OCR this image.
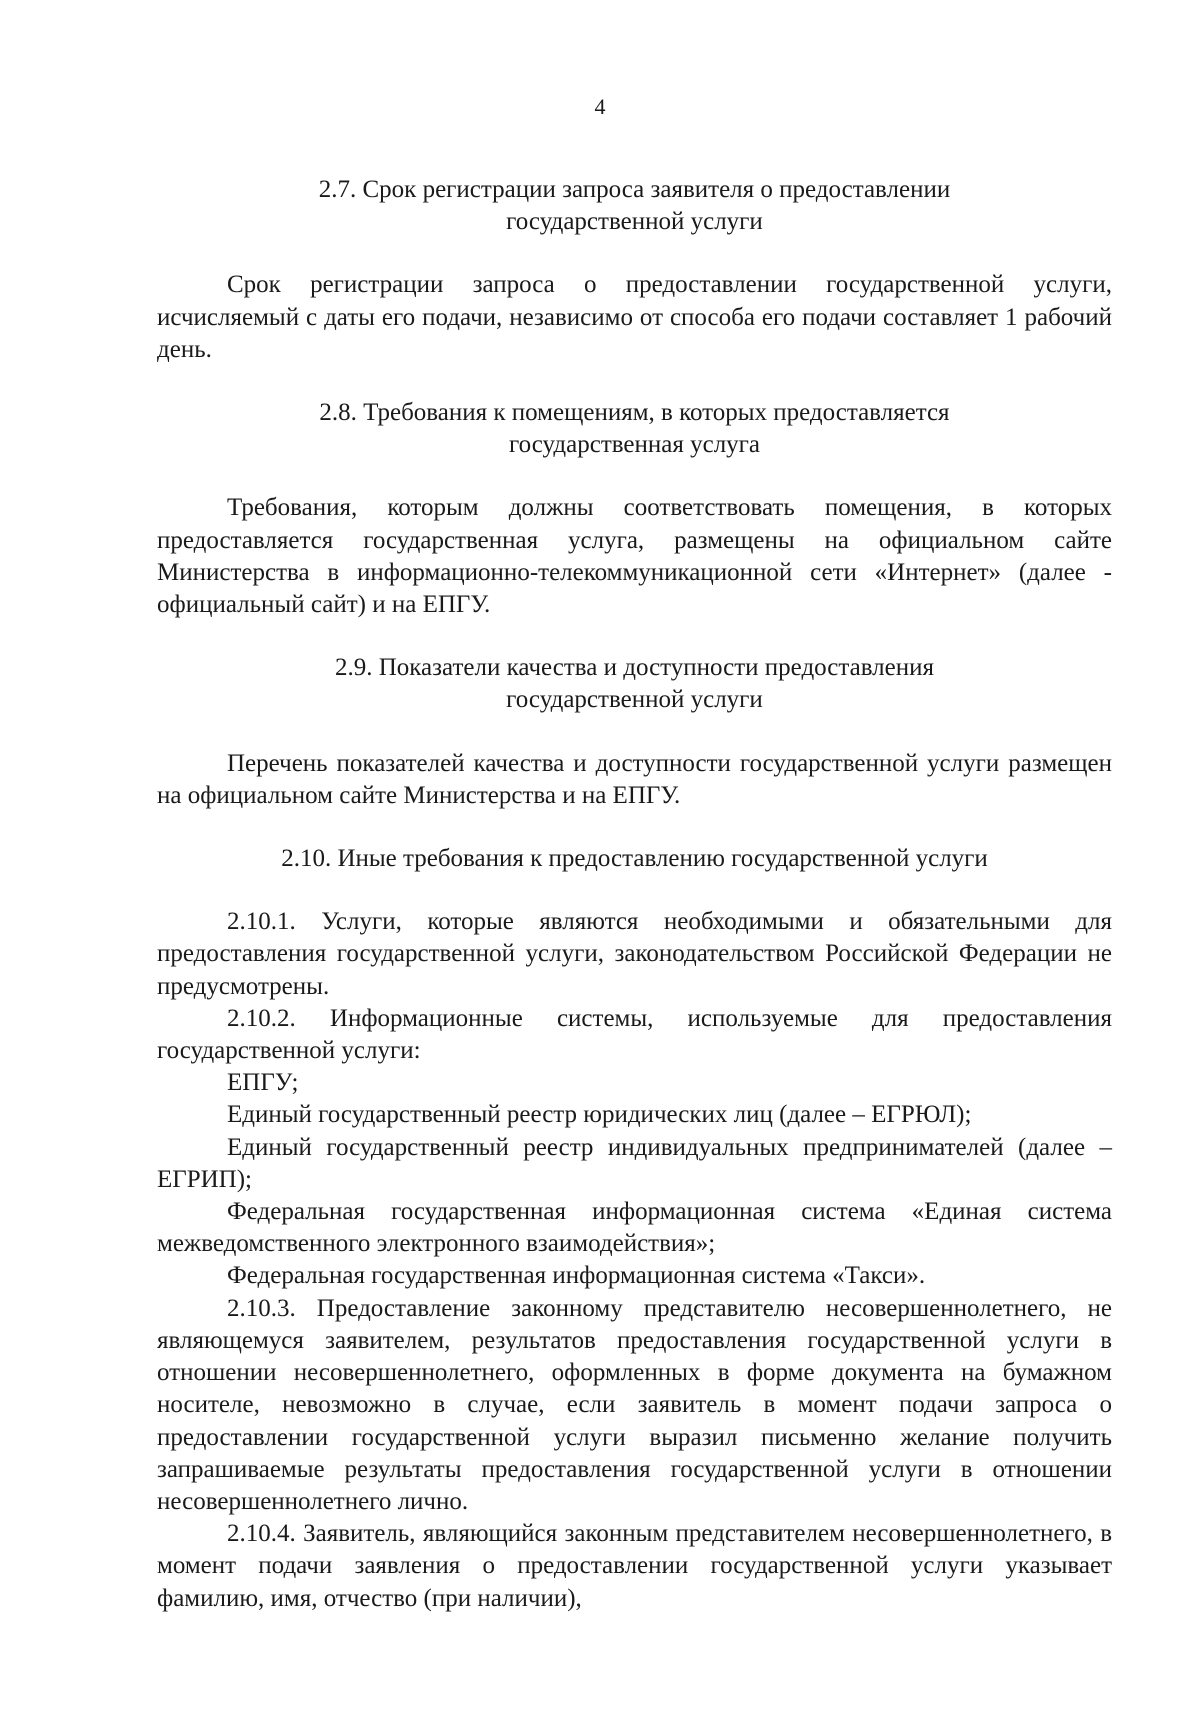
4
2.7. Срок регистрации запроса заявителя о предоставлении
государственной услуги

Срок регистрации запроса о предоставлении государственной услуги, исчисляемый с даты его подачи, независимо от способа его подачи составляет 1 рабочий день.

2.8. Требования к помещениям, в которых предоставляется
государственная услуга

Требования, которым должны соответствовать помещения, в которых предоставляется государственная услуга, размещены на официальном сайте Министерства в информационно-телекоммуникационной сети «Интернет» (далее - официальный сайт) и на ЕПГУ.

2.9. Показатели качества и доступности предоставления
государственной услуги

Перечень показателей качества и доступности государственной услуги размещен на официальном сайте Министерства и на ЕПГУ.

2.10. Иные требования к предоставлению государственной услуги

2.10.1. Услуги, которые являются необходимыми и обязательными для предоставления государственной услуги, законодательством Российской Федерации не предусмотрены.

2.10.2. Информационные системы, используемые для предоставления государственной услуги:

ЕПГУ;

Единый государственный реестр юридических лиц (далее – ЕГРЮЛ);

Единый государственный реестр индивидуальных предпринимателей (далее – ЕГРИП);

Федеральная государственная информационная система «Единая система межведомственного электронного взаимодействия»;

Федеральная государственная информационная система «Такси».

2.10.3. Предоставление законному представителю несовершеннолетнего, не являющемуся заявителем, результатов предоставления государственной услуги в отношении несовершеннолетнего, оформленных в форме документа на бумажном носителе, невозможно в случае, если заявитель в момент подачи запроса о предоставлении государственной услуги выразил письменно желание получить запрашиваемые результаты предоставления государственной услуги в отношении несовершеннолетнего лично.

2.10.4. Заявитель, являющийся законным представителем несовершеннолетнего, в момент подачи заявления о предоставлении государственной услуги указывает фамилию, имя, отчество (при наличии),
